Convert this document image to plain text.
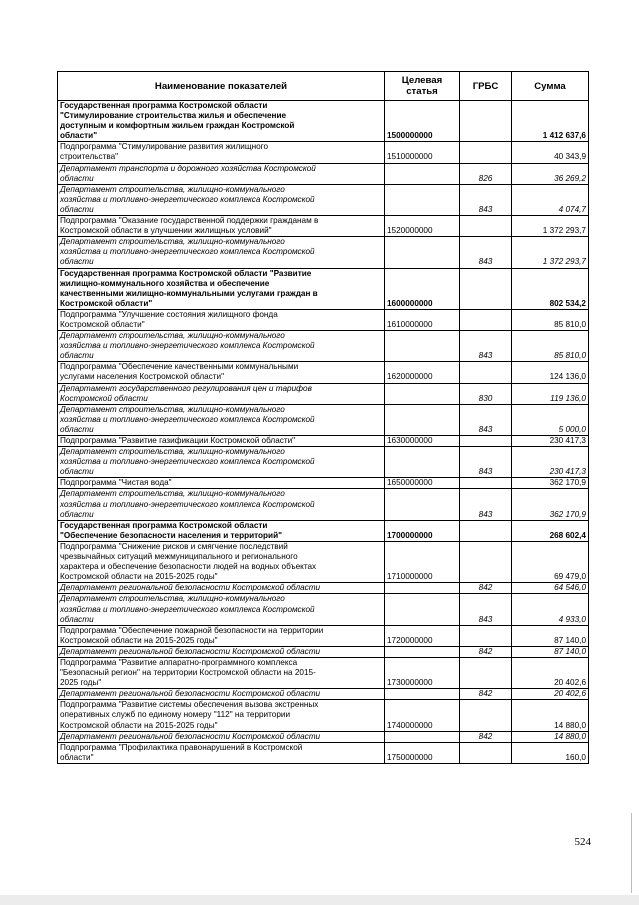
Наименование показателей	Целевая статья	ГРБС	Сумма

Государственная программа Костромской области
"Стимулирование строительства жилья и обеспечение
доступным и комфортным жильем граждан Костромской
области"	1500000000		1 412 637,6

Подпрограмма "Стимулирование развития жилищного
строительства"	1510000000		40 343,9

Департамент транспорта и дорожного хозяйства Костромской
области		826	36 269,2

Департамент строительства, жилищно-коммунального
хозяйства и топливно-энергетического комплекса Костромской
области		843	4 074,7

Подпрограмма "Оказание государственной поддержки гражданам в
Костромской области в улучшении жилищных условий"	1520000000		1 372 293,7

Департамент строительства, жилищно-коммунального
хозяйства и топливно-энергетического комплекса Костромской
области		843	1 372 293,7

Государственная программа Костромской области "Развитие
жилищно-коммунального хозяйства и обеспечение
качественными жилищно-коммунальными услугами граждан в
Костромской области"	1600000000		802 534,2

Подпрограмма "Улучшение состояния жилищного фонда
Костромской области"	1610000000		85 810,0

Департамент строительства, жилищно-коммунального
хозяйства и топливно-энергетического комплекса Костромской
области		843	85 810,0

Подпрограмма "Обеспечение качественными коммунальными
услугами населения Костромской области"	1620000000		124 136,0

Департамент государственного регулирования цен и тарифов
Костромской области		830	119 136,0

Департамент строительства, жилищно-коммунального
хозяйства и топливно-энергетического комплекса Костромской
области		843	5 000,0

Подпрограмма "Развитие газификации Костромской области"	1630000000		230 417,3

Департамент строительства, жилищно-коммунального
хозяйства и топливно-энергетического комплекса Костромской
области		843	230 417,3

Подпрограмма "Чистая вода"	1650000000		362 170,9

Департамент строительства, жилищно-коммунального
хозяйства и топливно-энергетического комплекса Костромской
области		843	362 170,9

Государственная программа Костромской области
"Обеспечение безопасности населения и территорий"	1700000000		268 602,4

Подпрограмма "Снижение рисков и смягчение последствий
чрезвычайных ситуаций межмуниципального и регионального
характера и обеспечение безопасности людей на водных объектах
Костромской области на 2015-2025 годы"	1710000000		69 479,0

Департамент региональной безопасности Костромской области		842	64 546,0

Департамент строительства, жилищно-коммунального
хозяйства и топливно-энергетического комплекса Костромской
области		843	4 933,0

Подпрограмма "Обеспечение пожарной безопасности на территории
Костромской области на 2015-2025 годы"	1720000000		87 140,0

Департамент региональной безопасности Костромской области		842	87 140,0

Подпрограмма "Развитие аппаратно-программного комплекса
"Безопасный регион" на территории Костромской области на 2015-
2025 годы"	1730000000		20 402,6

Департамент региональной безопасности Костромской области		842	20 402,6

Подпрограмма "Развитие системы обеспечения вызова экстренных
оперативных служб по единому номеру "112" на территории
Костромской области на 2015-2025 годы"	1740000000		14 880,0

Департамент региональной безопасности Костромской области		842	14 880,0

Подпрограмма "Профилактика правонарушений в Костромской
области"	1750000000		160,0
524
